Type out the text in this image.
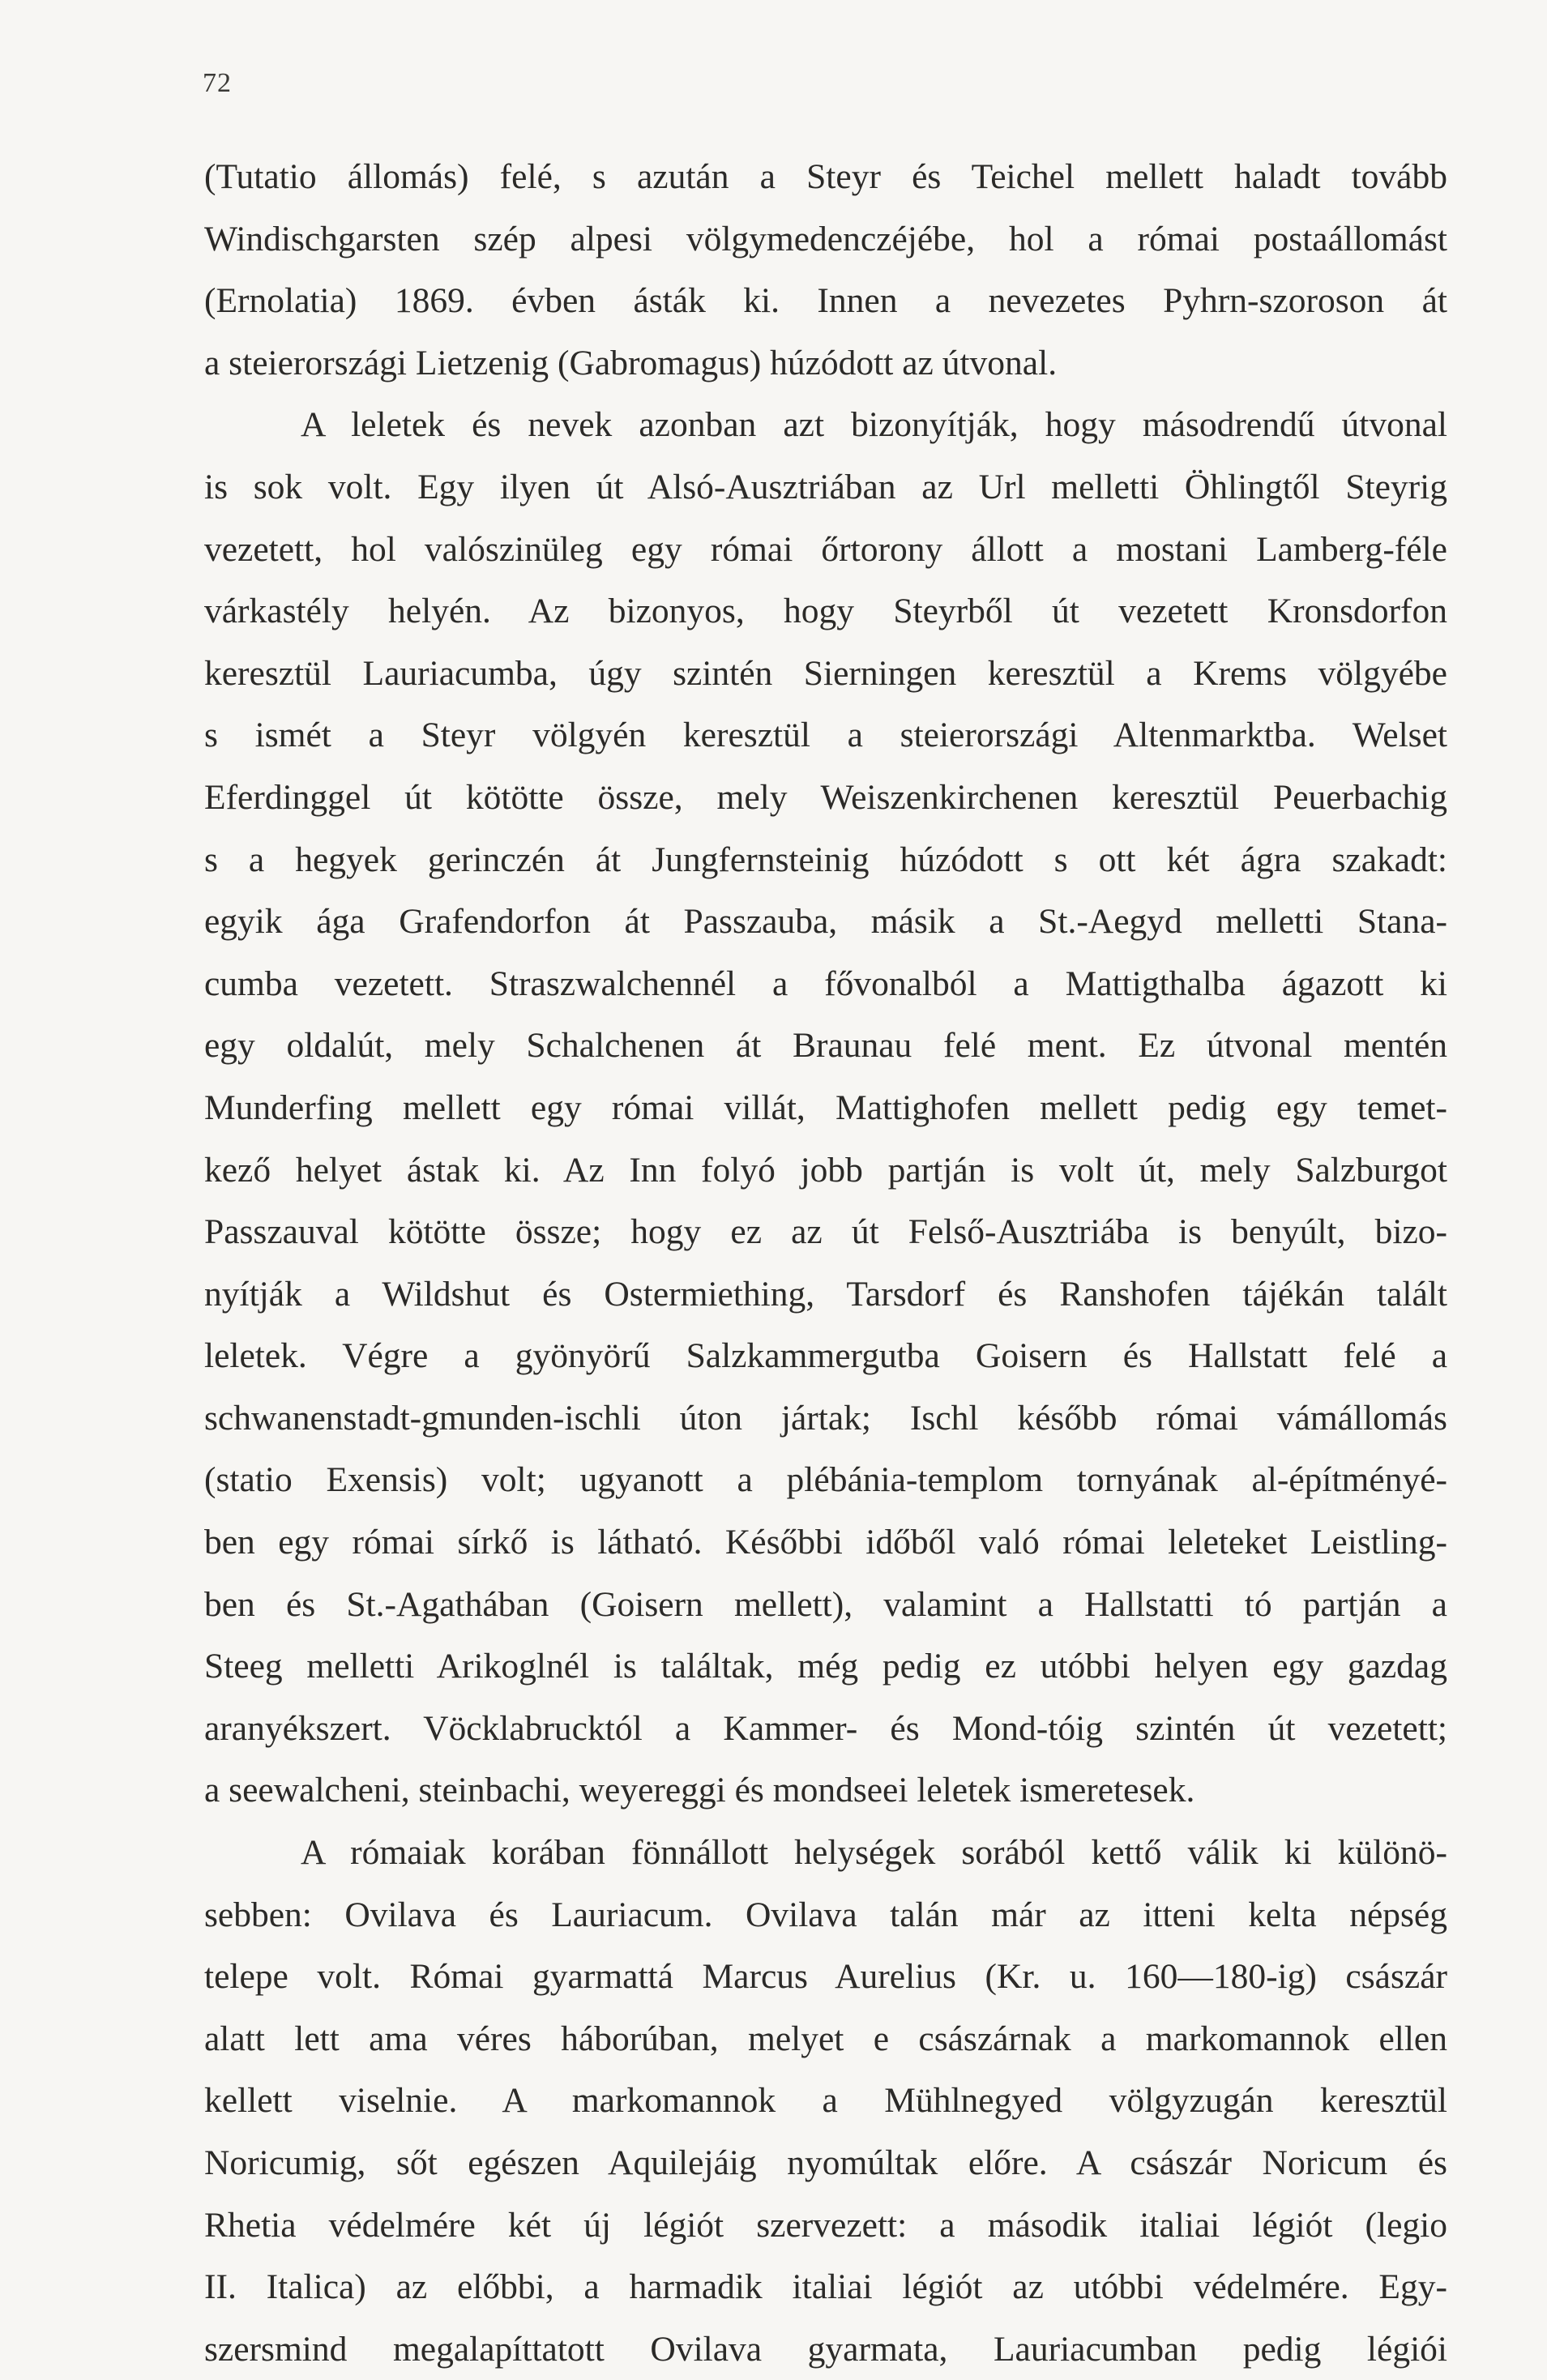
72
(Tutatio állomás) felé, s azután a Steyr és Teichel mellett haladt tovább
Windischgarsten szép alpesi völgymedenczéjébe, hol a római postaállomást
(Ernolatia) 1869. évben ásták ki. Innen a nevezetes Pyhrn-szoroson át
a steierországi Lietzenig (Gabromagus) húzódott az útvonal.
A leletek és nevek azonban azt bizonyítják, hogy másodrendű útvonal
is sok volt. Egy ilyen út Alsó-Ausztriában az Url melletti Öhlingtől Steyrig
vezetett, hol valószinüleg egy római őrtorony állott a mostani Lamberg-féle
várkastély helyén. Az bizonyos, hogy Steyrből út vezetett Kronsdorfon
keresztül Lauriacumba, úgy szintén Sierningen keresztül a Krems völgyébe
s ismét a Steyr völgyén keresztül a steierországi Altenmarktba. Welset
Eferdinggel út kötötte össze, mely Weiszenkirchenen keresztül Peuerbachig
s a hegyek gerinczén át Jungfernsteinig húzódott s ott két ágra szakadt:
egyik ága Grafendorfon át Passzauba, másik a St.-Aegyd melletti Stana-
cumba vezetett. Straszwalchennél a fővonalból a Mattigthalba ágazott ki
egy oldalút, mely Schalchenen át Braunau felé ment. Ez útvonal mentén
Munderfing mellett egy római villát, Mattighofen mellett pedig egy temet-
kező helyet ástak ki. Az Inn folyó jobb partján is volt út, mely Salzburgot
Passzauval kötötte össze; hogy ez az út Felső-Ausztriába is benyúlt, bizo-
nyítják a Wildshut és Ostermiething, Tarsdorf és Ranshofen tájékán talált
leletek. Végre a gyönyörű Salzkammergutba Goisern és Hallstatt felé a
schwanenstadt-gmunden-ischli úton jártak; Ischl később római vámállomás
(statio Exensis) volt; ugyanott a plébánia-templom tornyának al-építményé-
ben egy római sírkő is látható. Későbbi időből való római leleteket Leistling-
ben és St.-Agathában (Goisern mellett), valamint a Hallstatti tó partján a
Steeg melletti Arikoglnél is találtak, még pedig ez utóbbi helyen egy gazdag
aranyékszert. Vöcklabrucktól a Kammer- és Mond-tóig szintén út vezetett;
a seewalcheni, steinbachi, weyereggi és mondseei leletek ismeretesek.
A rómaiak korában fönnállott helységek sorából kettő válik ki különö-
sebben: Ovilava és Lauriacum. Ovilava talán már az itteni kelta népség
telepe volt. Római gyarmattá Marcus Aurelius (Kr. u. 160—180-ig) császár
alatt lett ama véres háborúban, melyet e császárnak a markomannok ellen
kellett viselnie. A markomannok a Mühlnegyed völgyzugán keresztül
Noricumig, sőt egészen Aquilejáig nyomúltak előre. A császár Noricum és
Rhetia védelmére két új légiót szervezett: a második italiai légiót (legio
II. Italica) az előbbi, a harmadik italiai légiót az utóbbi védelmére. Egy-
szersmind megalapíttatott Ovilava gyarmata, Lauriacumban pedig légiói
